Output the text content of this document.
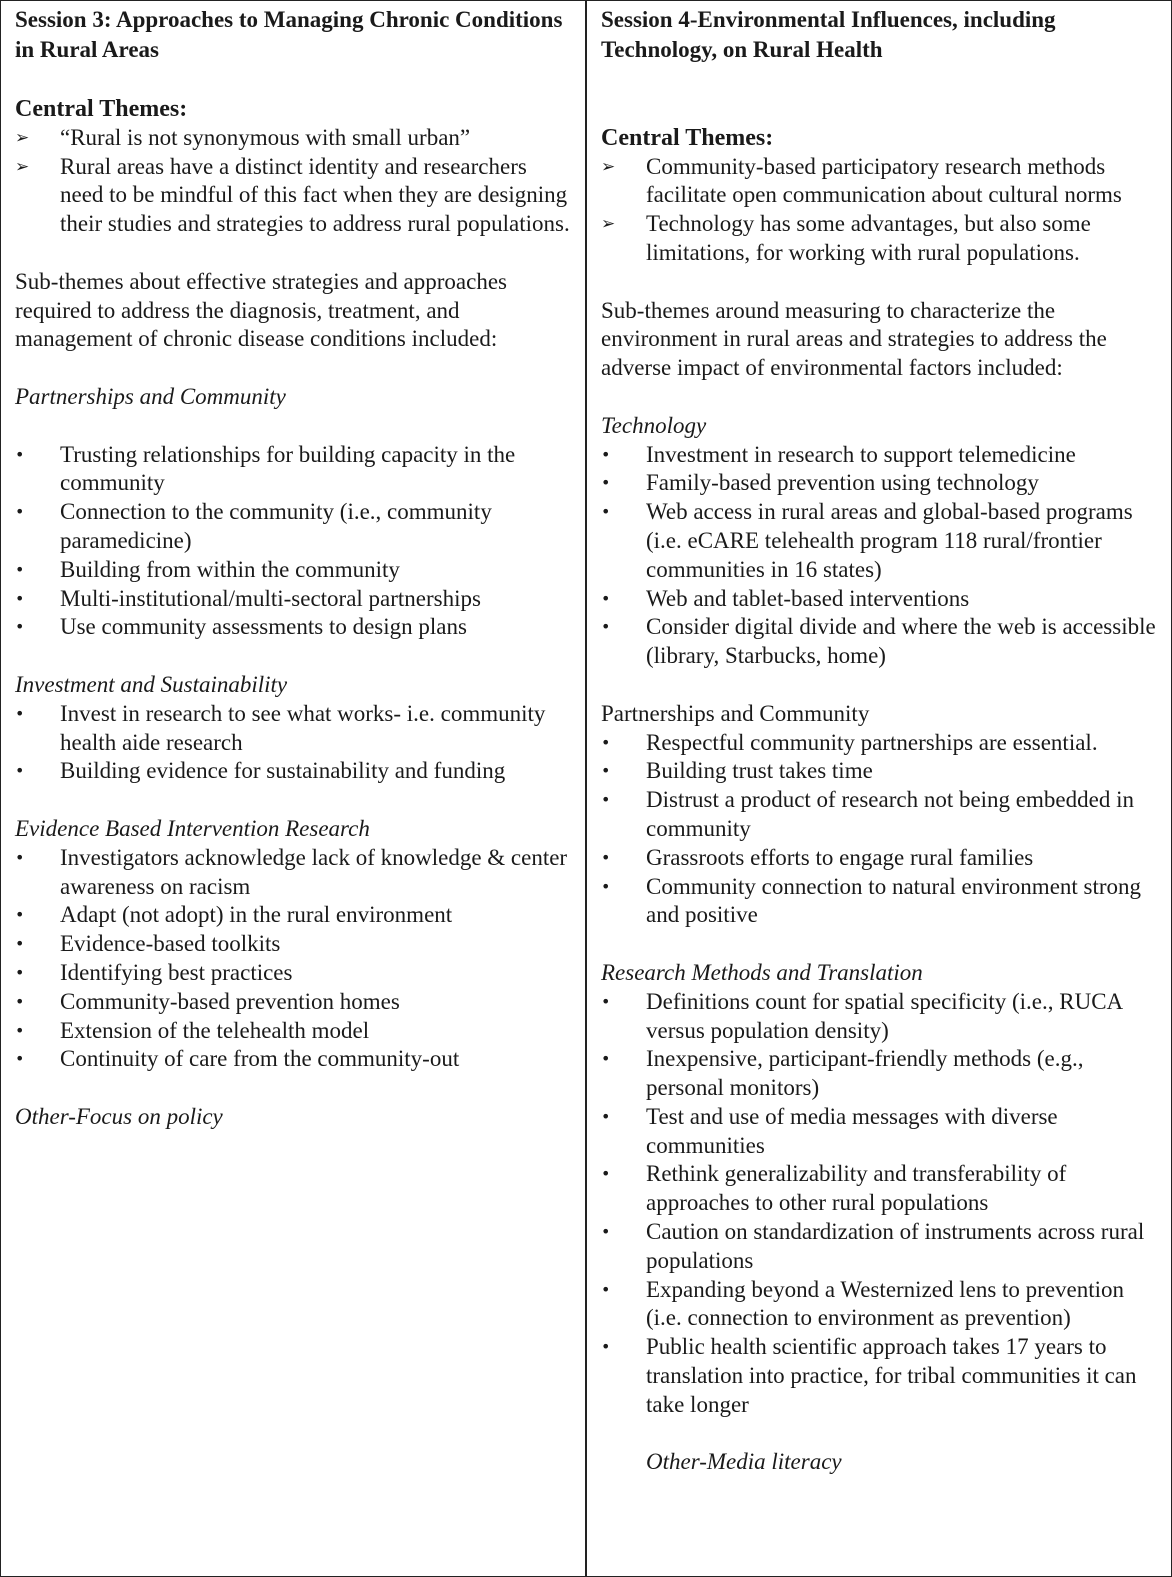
Session 3: Approaches to Managing Chronic Conditions in Rural Areas

Central Themes:

➢	“Rural is not synonymous with small urban”
➢	Rural areas have a distinct identity and researchers need to be mindful of this fact when they are designing their studies and strategies to address rural populations.

Sub-themes about effective strategies and approaches required to address the diagnosis, treatment, and management of chronic disease conditions included:

Partnerships and Community

•	Trusting relationships for building capacity in the community
•	Connection to the community (i.e., community paramedicine)
•	Building from within the community
•	Multi-institutional/multi-sectoral partnerships
•	Use community assessments to design plans

Investment and Sustainability

•	Invest in research to see what works- i.e. community health aide research
•	Building evidence for sustainability and funding

Evidence Based Intervention Research

•	Investigators acknowledge lack of knowledge & center awareness on racism
•	Adapt (not adopt) in the rural environment
•	Evidence-based toolkits
•	Identifying best practices
•	Community-based prevention homes
•	Extension of the telehealth model
•	Continuity of care from the community-out

Other-Focus on policy

Session 4-Environmental Influences, including Technology, on Rural Health

Central Themes:

➢	Community-based participatory research methods facilitate open communication about cultural norms
➢	Technology has some advantages, but also some limitations, for working with rural populations.

Sub-themes around measuring to characterize the environment in rural areas and strategies to address the adverse impact of environmental factors included:

Technology

•	Investment in research to support telemedicine
•	Family-based prevention using technology
•	Web access in rural areas and global-based programs (i.e. eCARE telehealth program 118 rural/frontier communities in 16 states)
•	Web and tablet-based interventions
•	Consider digital divide and where the web is accessible (library, Starbucks, home)

Partnerships and Community

•	Respectful community partnerships are essential.
•	Building trust takes time
•	Distrust a product of research not being embedded in community
•	Grassroots efforts to engage rural families
•	Community connection to natural environment strong and positive

Research Methods and Translation

•	Definitions count for spatial specificity (i.e., RUCA versus population density)
•	Inexpensive, participant-friendly methods (e.g., personal monitors)
•	Test and use of media messages with diverse communities
•	Rethink generalizability and transferability of approaches to other rural populations
•	Caution on standardization of instruments across rural populations
•	Expanding beyond a Westernized lens to prevention (i.e. connection to environment as prevention)
•	Public health scientific approach takes 17 years to translation into practice, for tribal communities it can take longer

Other-Media literacy
